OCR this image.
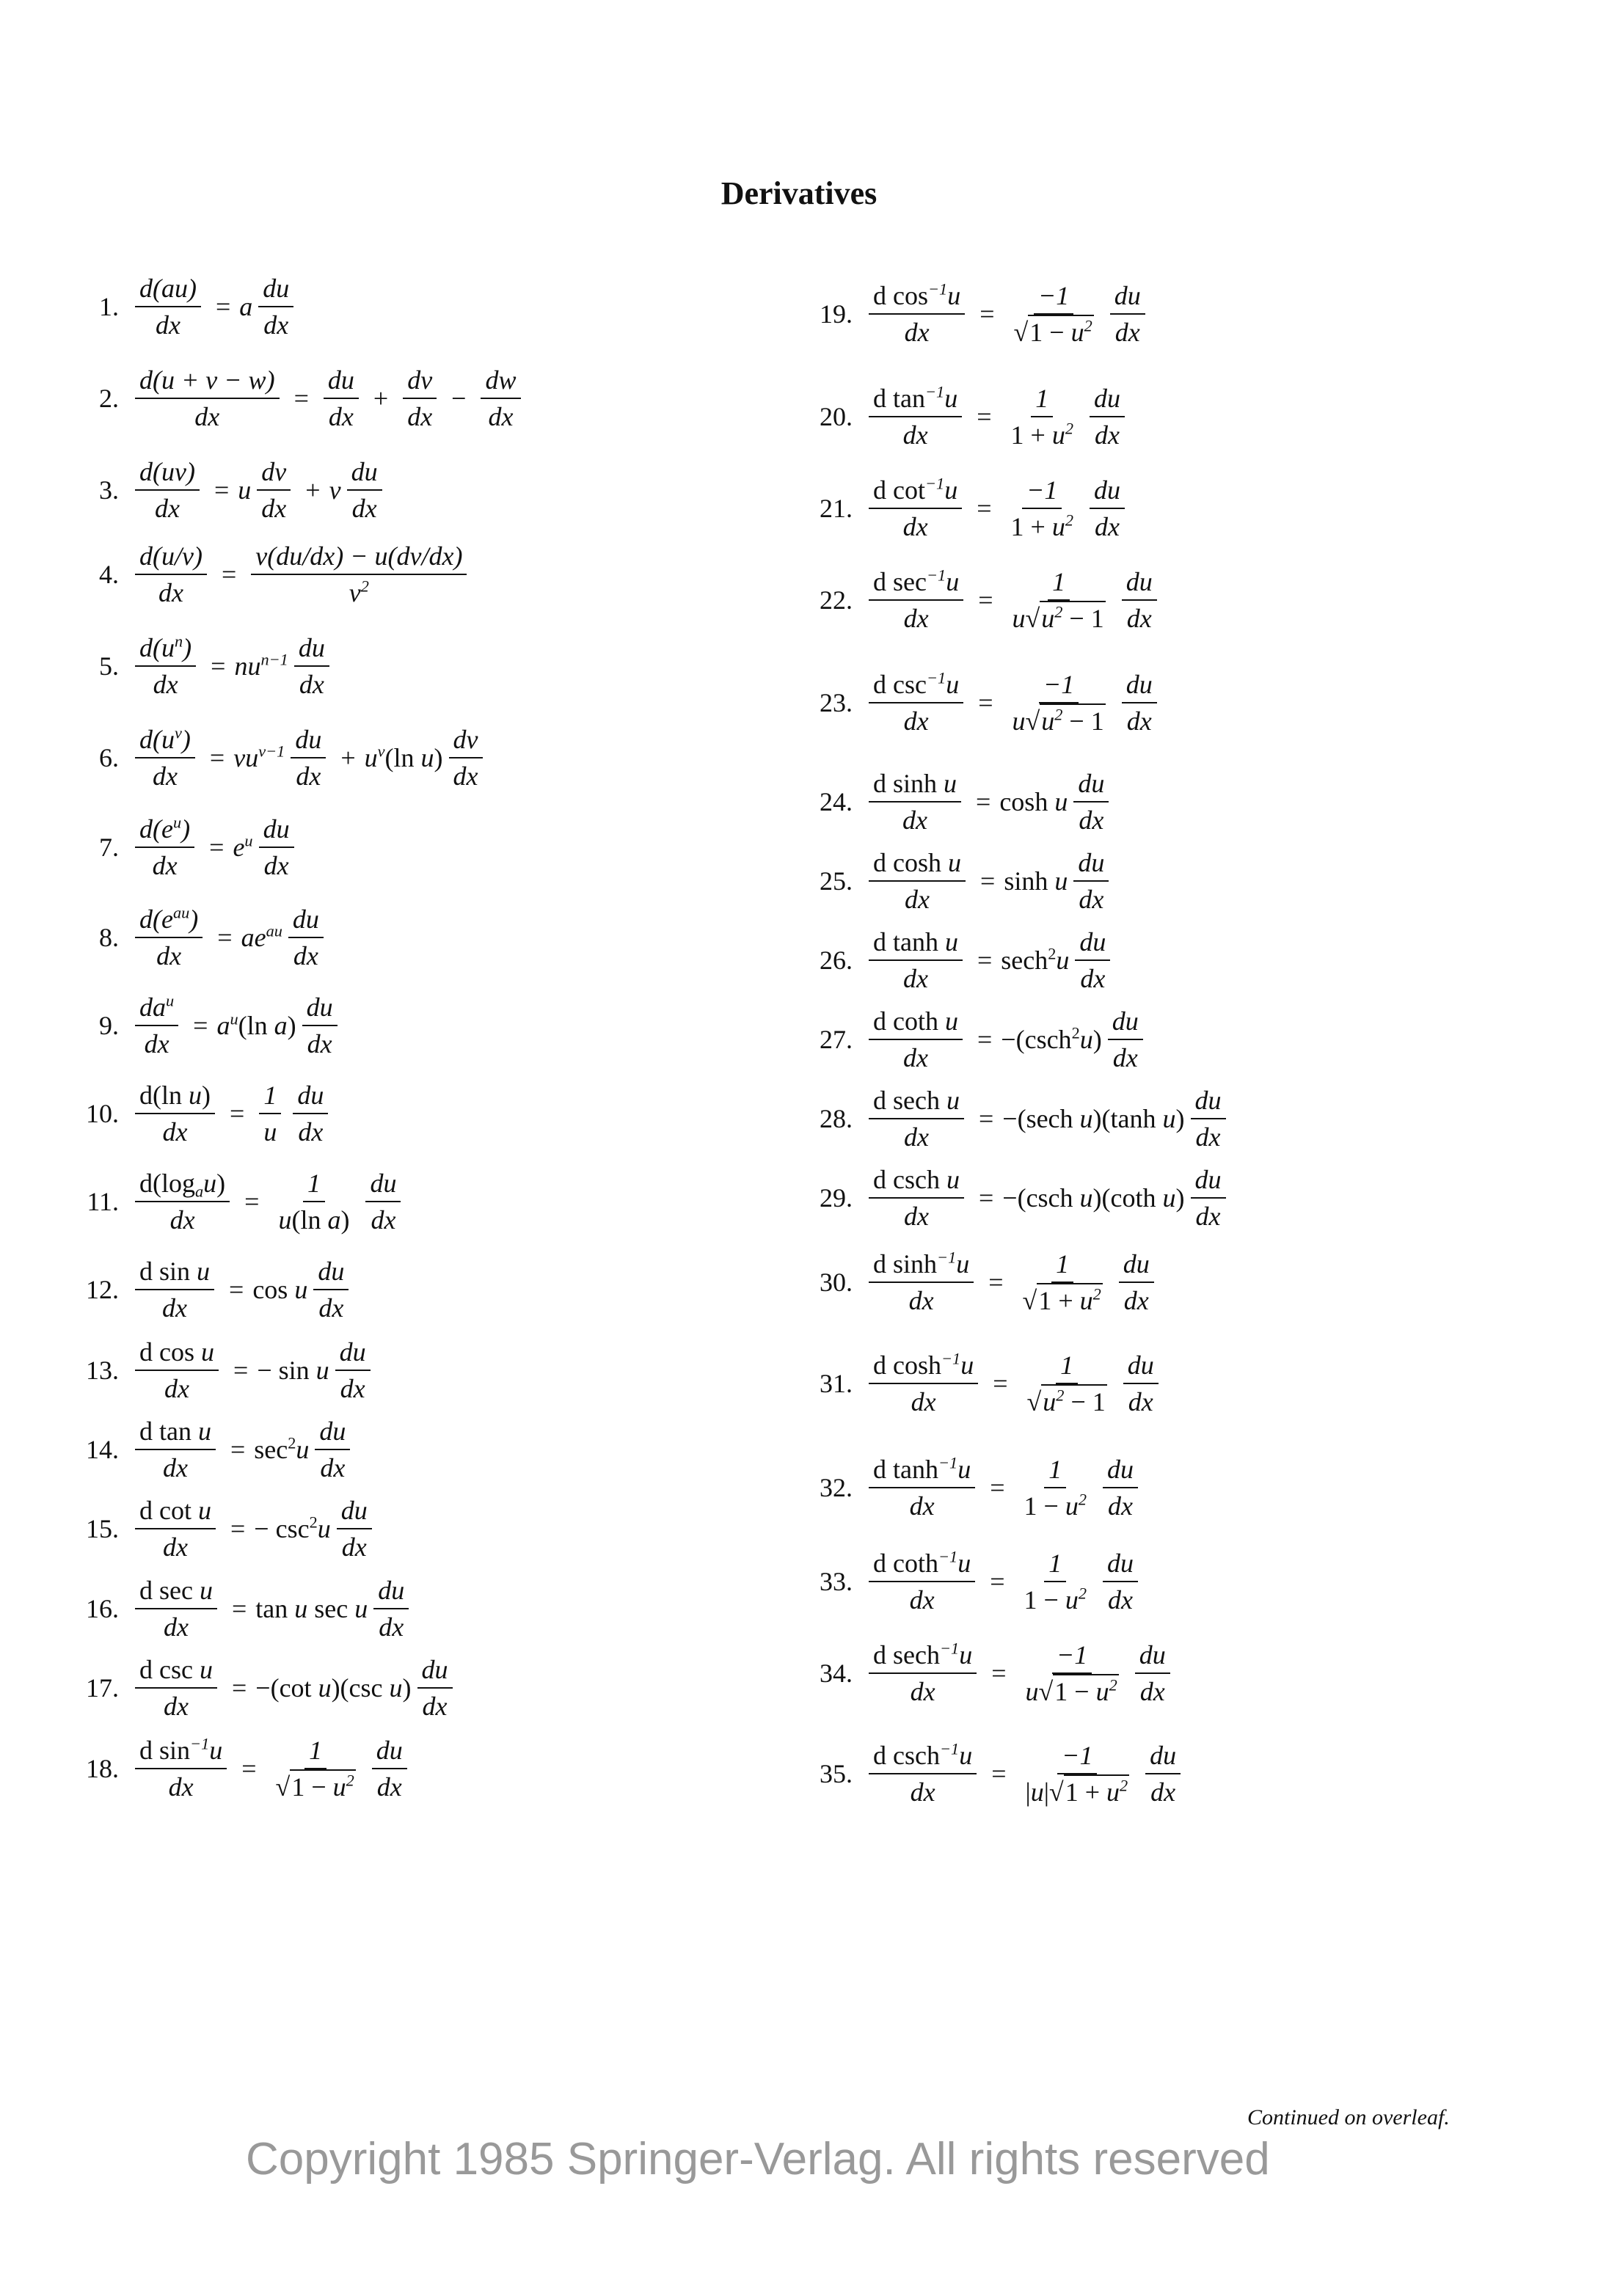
Derivatives
1. $\frac{d(au)}{dx} = a \frac{du}{dx}$
2. $\frac{d(u + v - w)}{dx} = \frac{du}{dx} + \frac{dv}{dx} - \frac{dw}{dx}$
3. $\frac{d(uv)}{dx} = u \frac{dv}{dx} + v \frac{du}{dx}$
4. $\frac{d(u/v)}{dx} = \frac{v(du/dx) - u(dv/dx)}{v^2}$
5. $\frac{d(u^n)}{dx} = nu^{n-1} \frac{du}{dx}$
6. $\frac{d(u^v)}{dx} = vu^{v-1} \frac{du}{dx} + u^v$ (ln $u) \frac{dv}{dx}$
7. $\frac{d(e^u)}{dx} = e^u \frac{du}{dx}$
8. $\frac{d(e^{au})}{dx} = ae^{au} \frac{du}{dx}$
9. $\frac{da^u}{dx} = a^u$ (ln $a) \frac{du}{dx}$
10. $\frac{\text{d(ln u)}}{dx} = \frac{1}{u} \frac{du}{dx}$
11. $\frac{d(\log_au)}{dx} = \frac{1}{\text{u(ln a)}} \frac{du}{dx}$
12. $\frac{\text{d sin u}}{dx} = \cos u \frac{du}{dx}$
13. $\frac{\text{d cos u}}{dx}$ = − sin u $\frac{du}{dx}$
14. $\frac{\text{d tan u}}{dx} = \sec^2u \frac{du}{dx}$
15. $\frac{\text{d cot u}}{dx}$ = − $\csc^2u \frac{du}{dx}$
16. $\frac{\text{d sec u}}{dx} = \tan u$ sec u $\frac{du}{dx}$
17. $\frac{\text{d csc u}}{dx} = -(\cot$ u)(csc $u) \frac{du}{dx}$
18. $\frac{d \sin^{-1}u}{dx} = \frac{1}{√1 - u^2} \frac{du}{dx}$
19. $\frac{d \cos^{-1}u}{dx} = \frac{-1}{√1 - u^2} \frac{du}{dx}$
20. $\frac{d \tan^{-1}u}{dx} = \frac{1}{1 + u^2} \frac{du}{dx}$
21. $\frac{d \cot^{-1}u}{dx} = \frac{-1}{1 + u^2} \frac{du}{dx}$
22. $\frac{d \sec^{-1}u}{dx} = \frac{1}{u√u^2 - 1} \frac{du}{dx}$
23. $\frac{d \csc^{-1}u}{dx} = \frac{-1}{u√u^2 - 1} \frac{du}{dx}$
24. $\frac{\text{d sinh u}}{dx} = \cosh u \frac{du}{dx}$
25. $\frac{\text{d cosh u}}{dx} = \sinh u \frac{du}{dx}$
26. $\frac{\text{d tanh u}}{dx} = \sec h^2u \frac{du}{dx}$
27. $\frac{\text{d coth u}}{dx} = -(\csc h^2u) \frac{du}{dx}$
28. $\frac{\text{d sech u}}{dx} = -(\sec h$ u)(tanh $u) \frac{du}{dx}$
29. $\frac{\text{d csch u}}{dx} = -(\csc h$ u)(coth $u) \frac{du}{dx}$
30. $\frac{d \sinh^{-1}u}{dx} = \frac{1}{√1 + u^2} \frac{du}{dx}$
31. $\frac{d \cosh^{-1}u}{dx} = \frac{1}{√u^2 - 1} \frac{du}{dx}$
32. $\frac{d \tanh^{-1}u}{dx} = \frac{1}{1 - u^2} \frac{du}{dx}$
33. $\frac{d \cot h^{-1}u}{dx} = \frac{1}{1 - u^2} \frac{du}{dx}$
34. $\frac{d \sec h^{-1}u}{dx} = \frac{-1}{u√1 - u^2} \frac{du}{dx}$
35. $\frac{d \csc h^{-1}u}{dx} = \frac{-1}{|u|√1 + u^2} \frac{du}{dx}$
Continued on overleaf.
Copyright 1985 Springer-Verlag. All rights reserved
